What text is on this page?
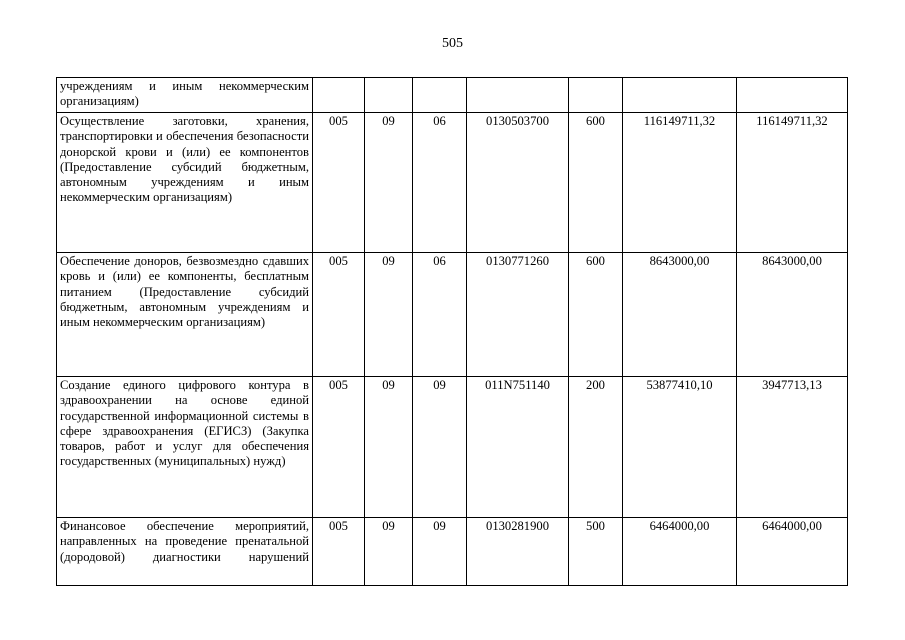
505
учреждениям и иным некоммерческим организациям)							
Осуществление заготовки, хранения, транспортировки и обеспечения безопасности донорской крови и (или) ее компонентов (Предоставление субсидий бюджетным, автономным учреждениям и иным некоммерческим организациям)	005	09	06	0130503700	600	116149711,32	116149711,32
Обеспечение доноров, безвозмездно сдавших кровь и (или) ее компоненты, бесплатным питанием (Предоставление субсидий бюджетным, автономным учреждениям и иным некоммерческим организациям)	005	09	06	0130771260	600	8643000,00	8643000,00
Создание единого цифрового контура в здравоохранении на основе единой государственной информационной системы в сфере здравоохранения (ЕГИСЗ) (Закупка товаров, работ и услуг для обеспечения государственных (муниципальных) нужд)	005	09	09	011N751140	200	53877410,10	3947713,13
Финансовое обеспечение мероприятий, направленных на проведение пренатальной (дородовой) диагностики нарушений	005	09	09	0130281900	500	6464000,00	6464000,00
